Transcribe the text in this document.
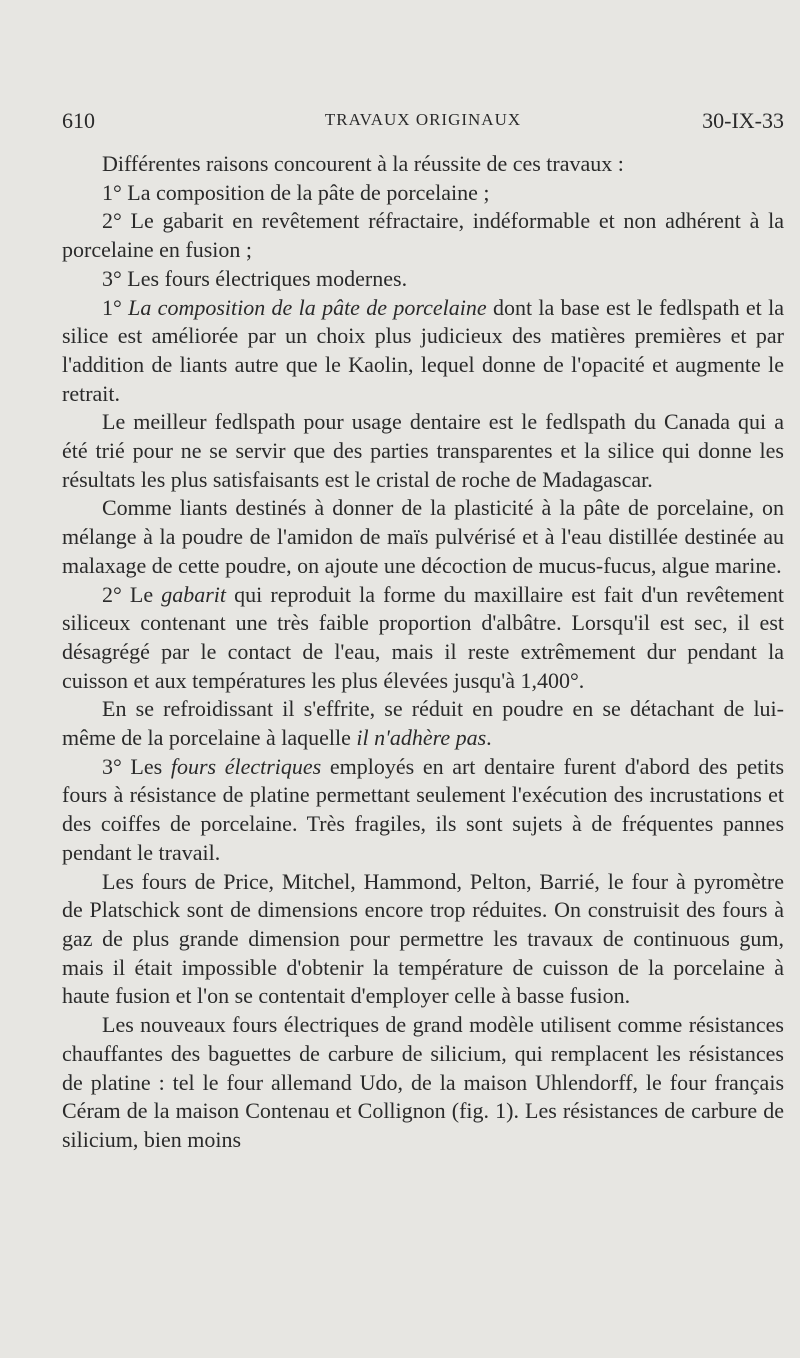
610	TRAVAUX ORIGINAUX	30-IX-33

Différentes raisons concourent à la réussite de ces travaux :

1° La composition de la pâte de porcelaine ;

2° Le gabarit en revêtement réfractaire, indéformable et non adhérent à la porcelaine en fusion ;

3° Les fours électriques modernes.

1° La composition de la pâte de porcelaine dont la base est le fedlspath et la silice est améliorée par un choix plus judicieux des matières premières et par l'addition de liants autre que le Kaolin, lequel donne de l'opacité et augmente le retrait.

Le meilleur fedlspath pour usage dentaire est le fedlspath du Canada qui a été trié pour ne se servir que des parties transparentes et la silice qui donne les résultats les plus satisfaisants est le cristal de roche de Madagascar.

Comme liants destinés à donner de la plasticité à la pâte de porcelaine, on mélange à la poudre de l'amidon de maïs pulvérisé et à l'eau distillée destinée au malaxage de cette poudre, on ajoute une décoction de mucus-fucus, algue marine.

2° Le gabarit qui reproduit la forme du maxillaire est fait d'un revêtement siliceux contenant une très faible proportion d'albâtre. Lorsqu'il est sec, il est désagrégé par le contact de l'eau, mais il reste extrêmement dur pendant la cuisson et aux températures les plus élevées jusqu'à 1,400°.

En se refroidissant il s'effrite, se réduit en poudre en se détachant de lui-même de la porcelaine à laquelle il n'adhère pas.

3° Les fours électriques employés en art dentaire furent d'abord des petits fours à résistance de platine permettant seulement l'exécution des incrustations et des coiffes de porcelaine. Très fragiles, ils sont sujets à de fréquentes pannes pendant le travail.

Les fours de Price, Mitchel, Hammond, Pelton, Barrié, le four à pyromètre de Platschick sont de dimensions encore trop réduites. On construisit des fours à gaz de plus grande dimension pour permettre les travaux de continuous gum, mais il était impossible d'obtenir la température de cuisson de la porcelaine à haute fusion et l'on se contentait d'employer celle à basse fusion.

Les nouveaux fours électriques de grand modèle utilisent comme résistances chauffantes des baguettes de carbure de silicium, qui remplacent les résistances de platine : tel le four allemand Udo, de la maison Uhlendorff, le four français Céram de la maison Contenau et Collignon (fig. 1). Les résistances de carbure de silicium, bien moins
